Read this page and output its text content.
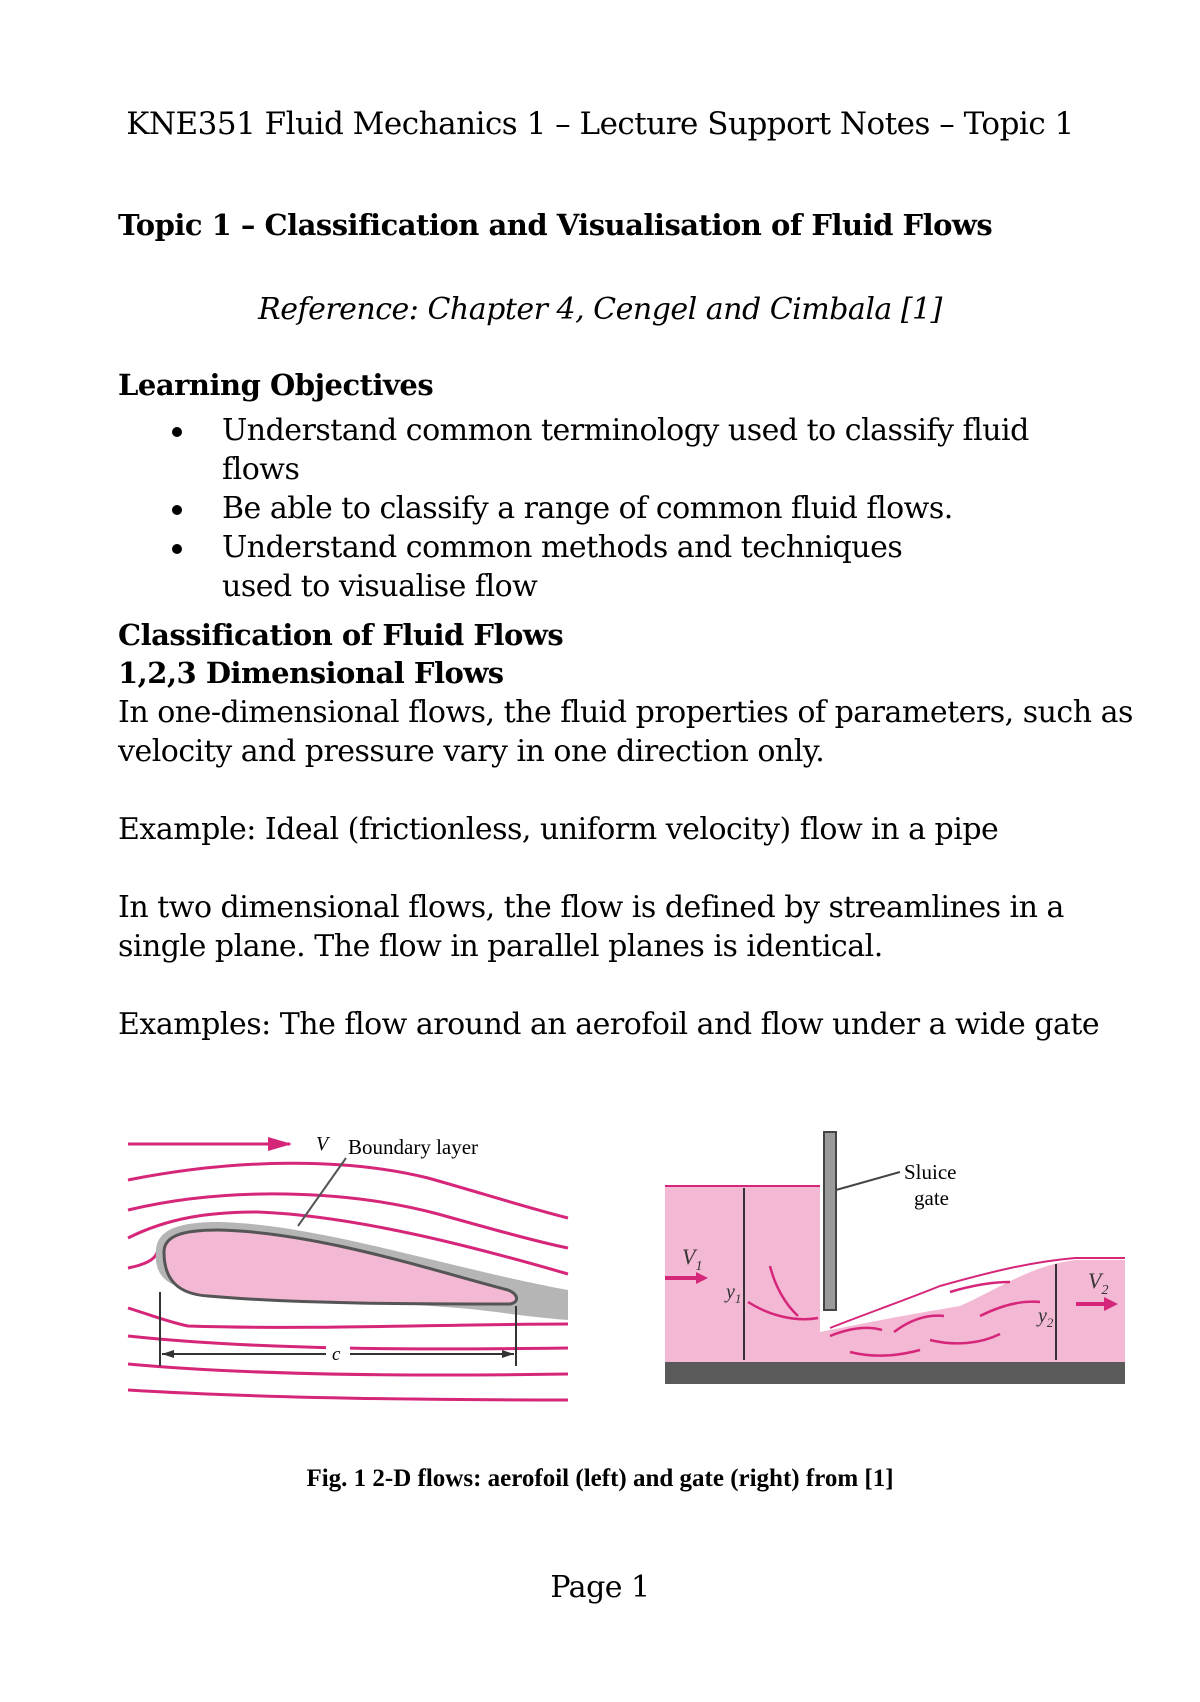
KNE351 Fluid Mechanics 1 – Lecture Support Notes – Topic 1
Topic 1 – Classification and Visualisation of Fluid Flows
Reference: Chapter 4, Cengel and Cimbala [1]
Learning Objectives
Understand common terminology used to classify fluid flows
Be able to classify a range of common fluid flows.
Understand common methods and techniques used to visualise flow
Classification of Fluid Flows
1,2,3 Dimensional Flows
In one-dimensional flows, the fluid properties of parameters, such as
velocity and pressure vary in one direction only.
Example: Ideal (frictionless, uniform velocity) flow in a pipe
In two dimensional flows, the flow is defined by streamlines in a
single plane. The flow in parallel planes is identical.
Examples: The flow around an aerofoil and flow under a wide gate
V Boundary layer
c
Sluice
gate
$V_1$
$y_1$
$y_2$
$V_2$
Fig. 1 2-D flows: aerofoil (left) and gate (right) from [1]
Page 1
